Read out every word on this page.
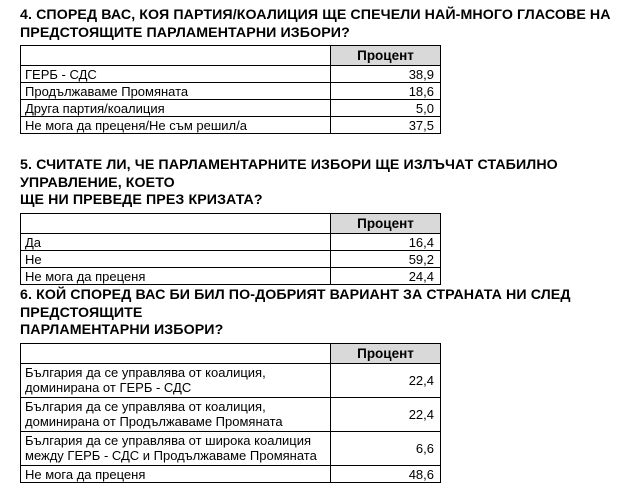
4. СПОРЕД ВАС, КОЯ ПАРТИЯ/КОАЛИЦИЯ ЩЕ СПЕЧЕЛИ НАЙ-МНОГО ГЛАСОВЕ НА
ПРЕДСТОЯЩИТЕ ПАРЛАМЕНТАРНИ ИЗБОРИ?

	Процент
ГЕРБ - СДС	38,9
Продължаваме Промяната	18,6
Друга партия/коалиция	5,0
Не мога да преценя/Не съм решил/а	37,5

5. СЧИТАТЕ ЛИ, ЧЕ ПАРЛАМЕНТАРНИТЕ ИЗБОРИ ЩЕ ИЗЛЪЧАТ СТАБИЛНО УПРАВЛЕНИЕ, КОЕТО
ЩЕ НИ ПРЕВЕДЕ ПРЕЗ КРИЗАТА?

	Процент
Да	16,4
Не	59,2
Не мога да преценя	24,4

6. КОЙ СПОРЕД ВАС БИ БИЛ ПО-ДОБРИЯТ ВАРИАНТ ЗА СТРАНАТА НИ СЛЕД ПРЕДСТОЯЩИТЕ
ПАРЛАМЕНТАРНИ ИЗБОРИ?

	Процент
България да се управлява от коалиция,
доминирана от ГЕРБ - СДС	22,4
България да се управлява от коалиция,
доминирана от Продължаваме Промяната	22,4
България да се управлява от широка коалиция
между ГЕРБ - СДС и Продължаваме Промяната	6,6
Не мога да преценя	48,6
